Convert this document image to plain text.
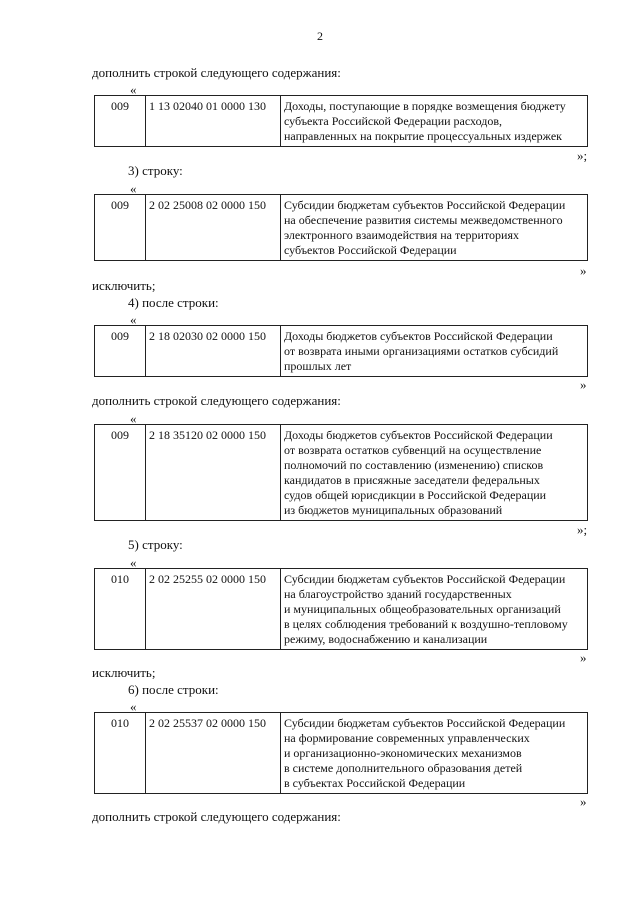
2
дополнить строкой следующего содержания:
«
009	1 13 02040 01 0000 130	Доходы, поступающие в порядке возмещения бюджету
субъекта Российской Федерации расходов,
направленных на покрытие процессуальных издержек
»;
3) строку:
«
009	2 02 25008 02 0000 150	Субсидии бюджетам субъектов Российской Федерации
на обеспечение развития системы межведомственного
электронного взаимодействия на территориях
субъектов Российской Федерации
»
исключить;
4) после строки:
«
009	2 18 02030 02 0000 150	Доходы бюджетов субъектов Российской Федерации
от возврата иными организациями остатков субсидий
прошлых лет
»
дополнить строкой следующего содержания:
«
009	2 18 35120 02 0000 150	Доходы бюджетов субъектов Российской Федерации
от возврата остатков субвенций на осуществление
полномочий по составлению (изменению) списков
кандидатов в присяжные заседатели федеральных
судов общей юрисдикции в Российской Федерации
из бюджетов муниципальных образований
»;
5) строку:
«
010	2 02 25255 02 0000 150	Субсидии бюджетам субъектов Российской Федерации
на благоустройство зданий государственных
и муниципальных общеобразовательных организаций
в целях соблюдения требований к воздушно-тепловому
режиму, водоснабжению и канализации
»
исключить;
6) после строки:
«
010	2 02 25537 02 0000 150	Субсидии бюджетам субъектов Российской Федерации
на формирование современных управленческих
и организационно-экономических механизмов
в системе дополнительного образования детей
в субъектах Российской Федерации
»
дополнить строкой следующего содержания:
